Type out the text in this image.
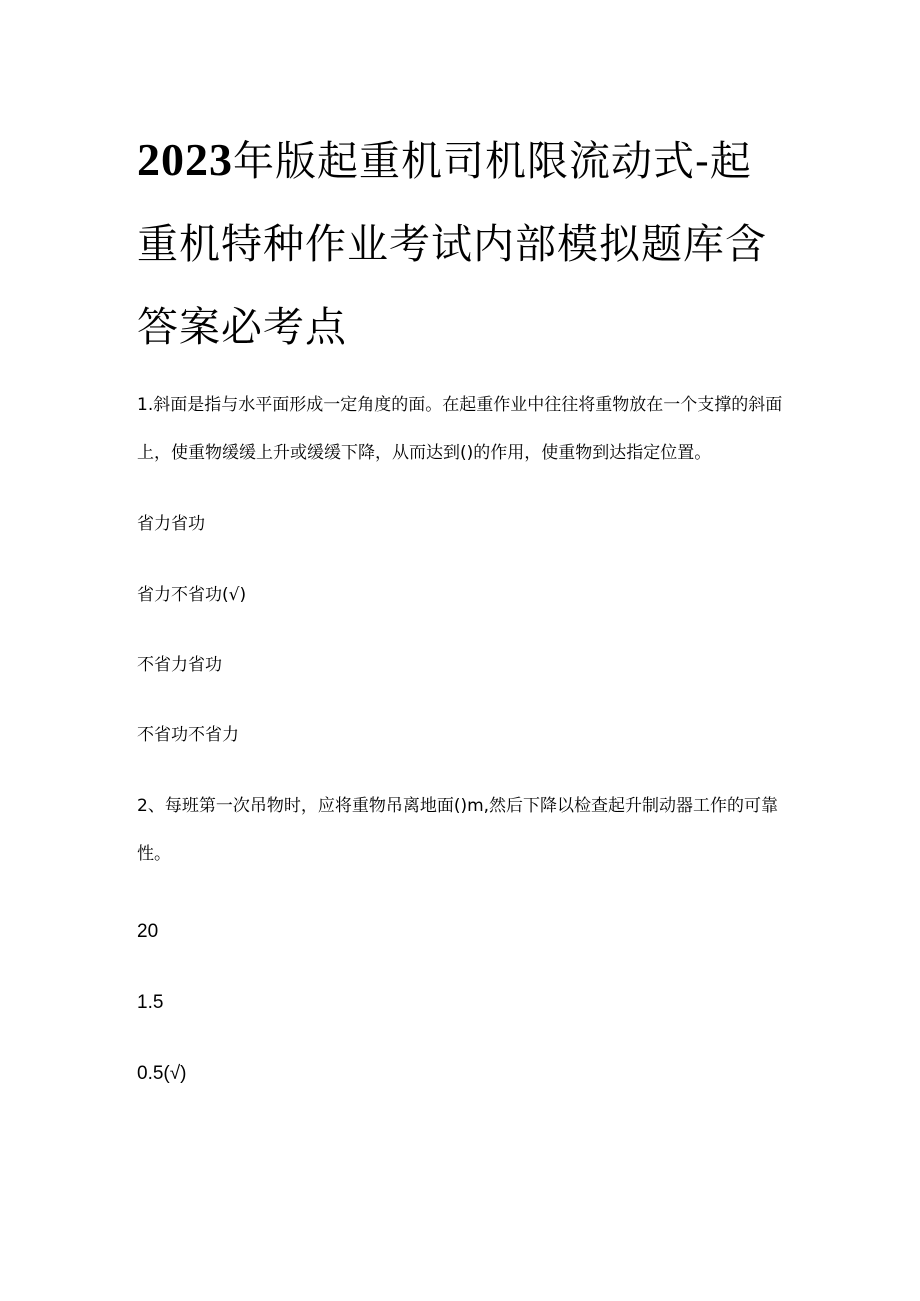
2023年版起重机司机限流动式-起重机特种作业考试内部模拟题库含答案必考点

1.斜面是指与水平面形成一定角度的面。在起重作业中往往将重物放在一个支撑的斜面上，使重物缓缓上升或缓缓下降，从而达到()的作用，使重物到达指定位置。

省力省功

省力不省功(√)

不省力省功

不省功不省力

2、每班第一次吊物时，应将重物吊离地面()m,然后下降以检查起升制动器工作的可靠性。

20

1.5

0.5(√)
